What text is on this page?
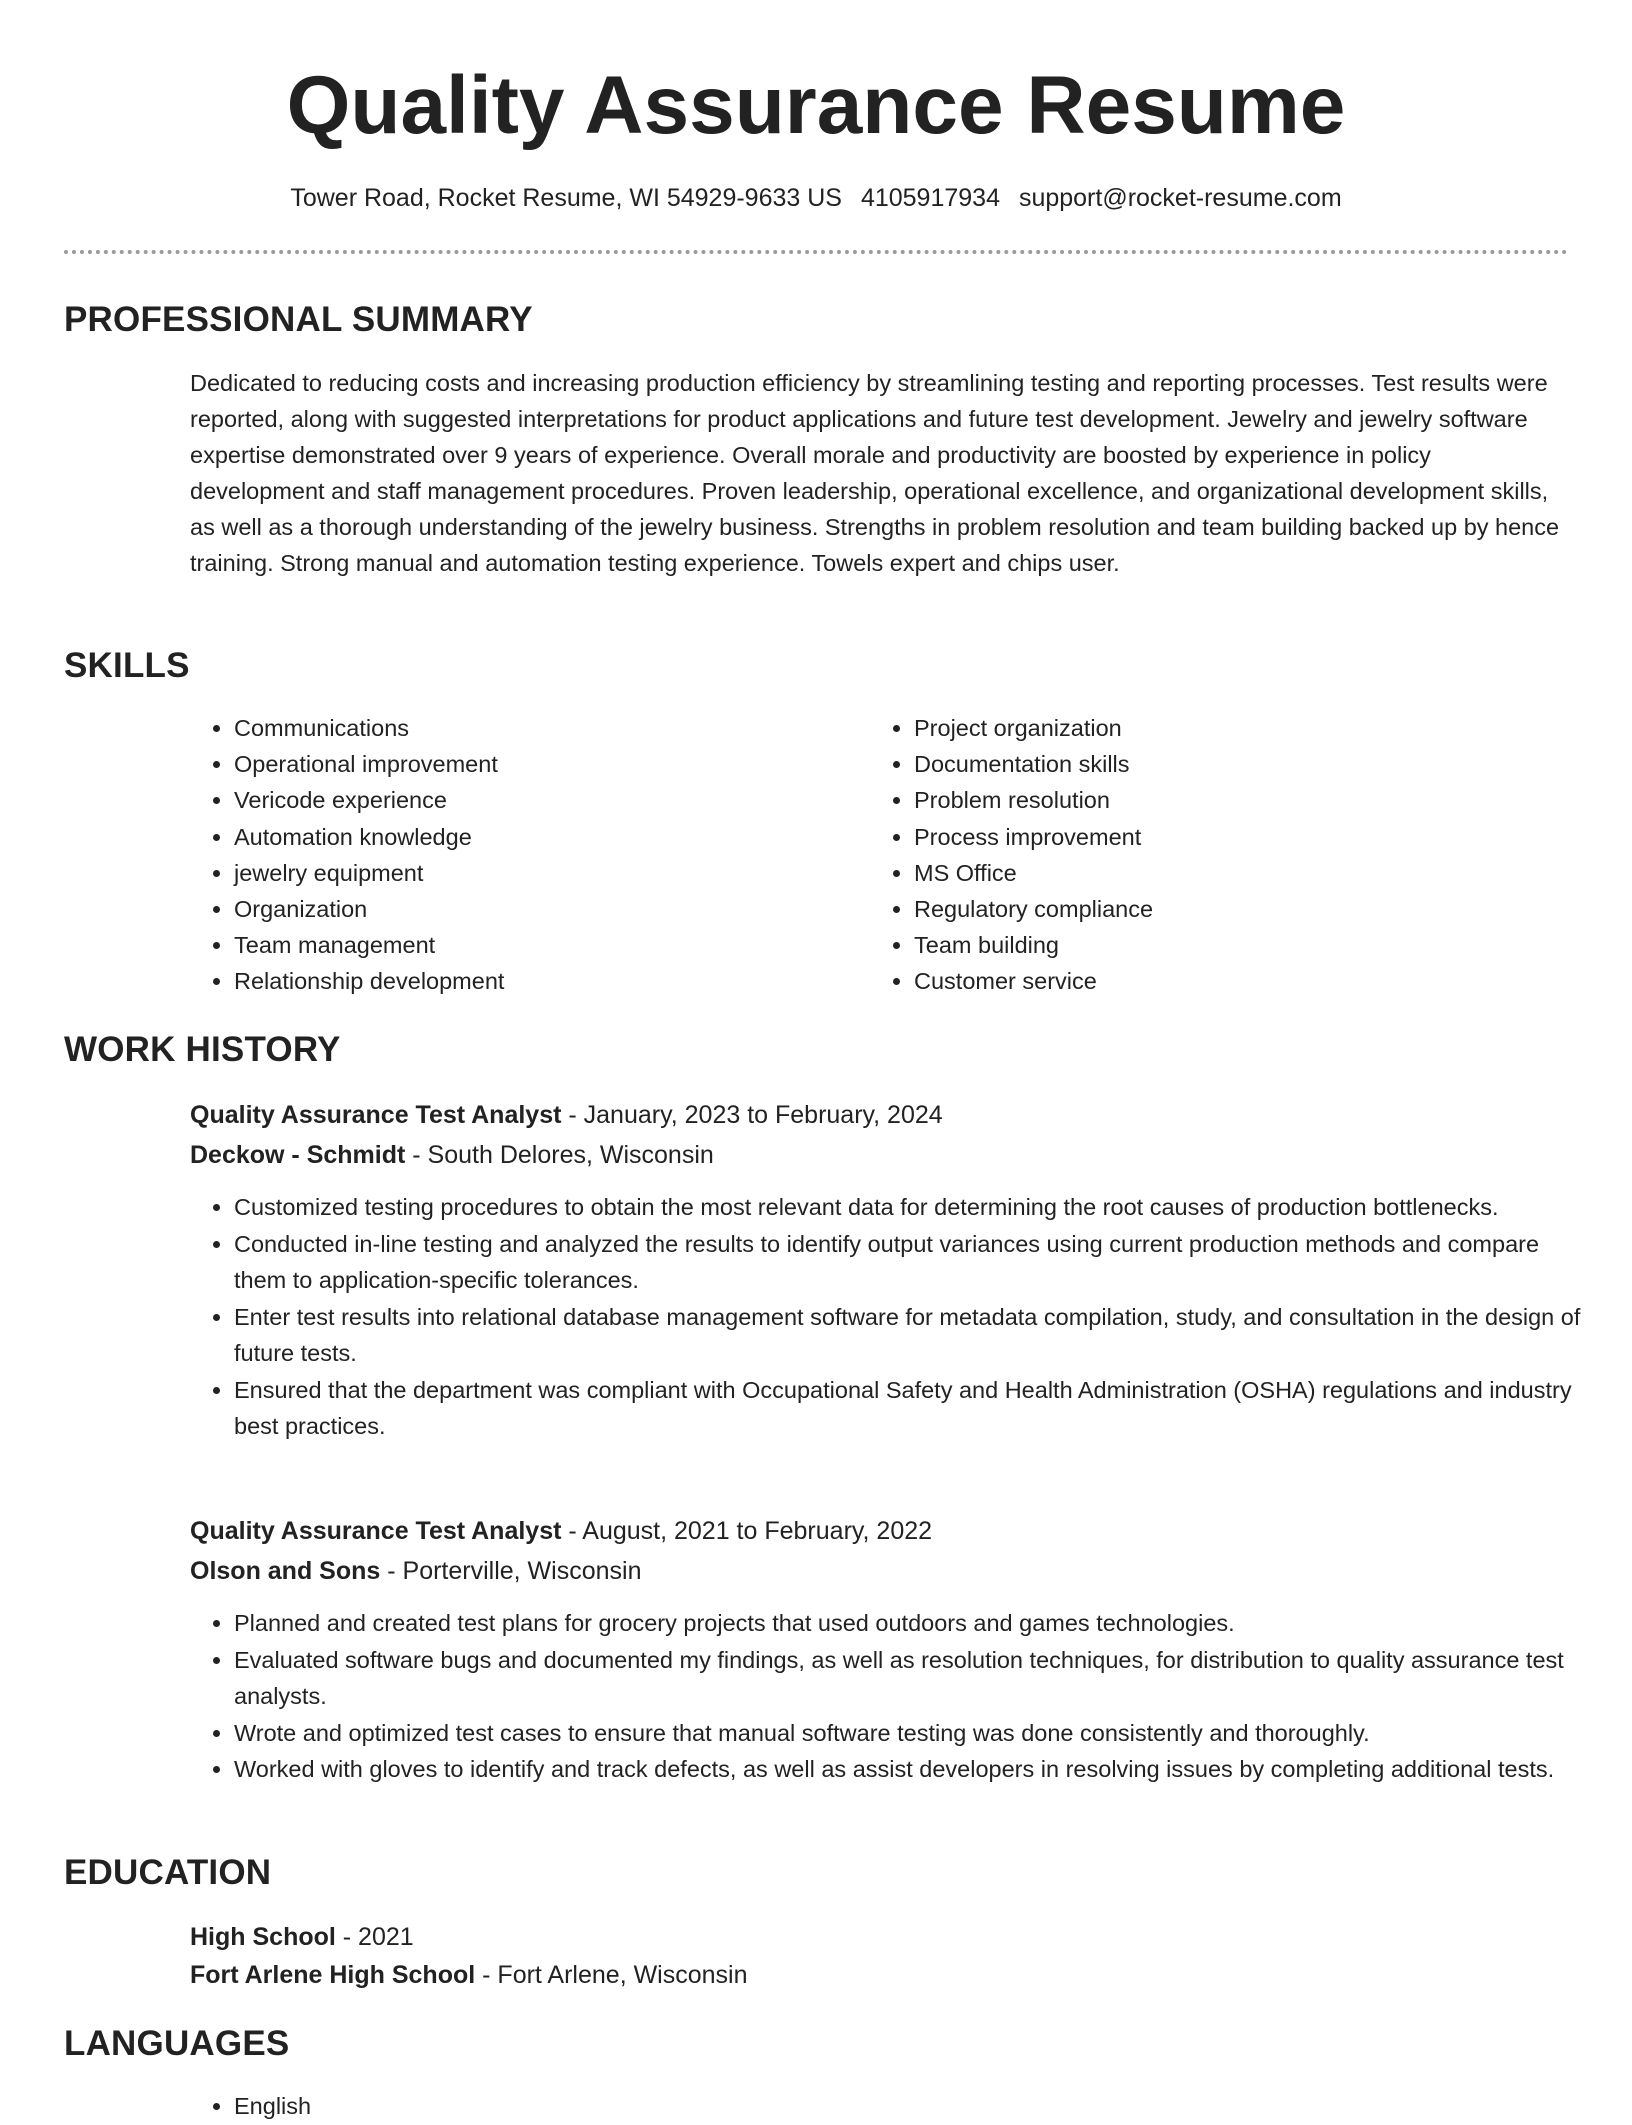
Quality Assurance Resume
Tower Road, Rocket Resume, WI 54929-9633 US 4105917934 support@rocket-resume.com
PROFESSIONAL SUMMARY
Dedicated to reducing costs and increasing production efficiency by streamlining testing and reporting processes. Test results were reported, along with suggested interpretations for product applications and future test development. Jewelry and jewelry software expertise demonstrated over 9 years of experience. Overall morale and productivity are boosted by experience in policy development and staff management procedures. Proven leadership, operational excellence, and organizational development skills, as well as a thorough understanding of the jewelry business. Strengths in problem resolution and team building backed up by hence training. Strong manual and automation testing experience. Towels expert and chips user.
SKILLS
• Communications
• Operational improvement
• Vericode experience
• Automation knowledge
• jewelry equipment
• Organization
• Team management
• Relationship development
• Project organization
• Documentation skills
• Problem resolution
• Process improvement
• MS Office
• Regulatory compliance
• Team building
• Customer service
WORK HISTORY
Quality Assurance Test Analyst - January, 2023 to February, 2024
Deckow - Schmidt - South Delores, Wisconsin
• Customized testing procedures to obtain the most relevant data for determining the root causes of production bottlenecks.
• Conducted in-line testing and analyzed the results to identify output variances using current production methods and compare them to application-specific tolerances.
• Enter test results into relational database management software for metadata compilation, study, and consultation in the design of future tests.
• Ensured that the department was compliant with Occupational Safety and Health Administration (OSHA) regulations and industry best practices.
Quality Assurance Test Analyst - August, 2021 to February, 2022
Olson and Sons - Porterville, Wisconsin
• Planned and created test plans for grocery projects that used outdoors and games technologies.
• Evaluated software bugs and documented my findings, as well as resolution techniques, for distribution to quality assurance test analysts.
• Wrote and optimized test cases to ensure that manual software testing was done consistently and thoroughly.
• Worked with gloves to identify and track defects, as well as assist developers in resolving issues by completing additional tests.
EDUCATION
High School - 2021
Fort Arlene High School - Fort Arlene, Wisconsin
LANGUAGES
• English
